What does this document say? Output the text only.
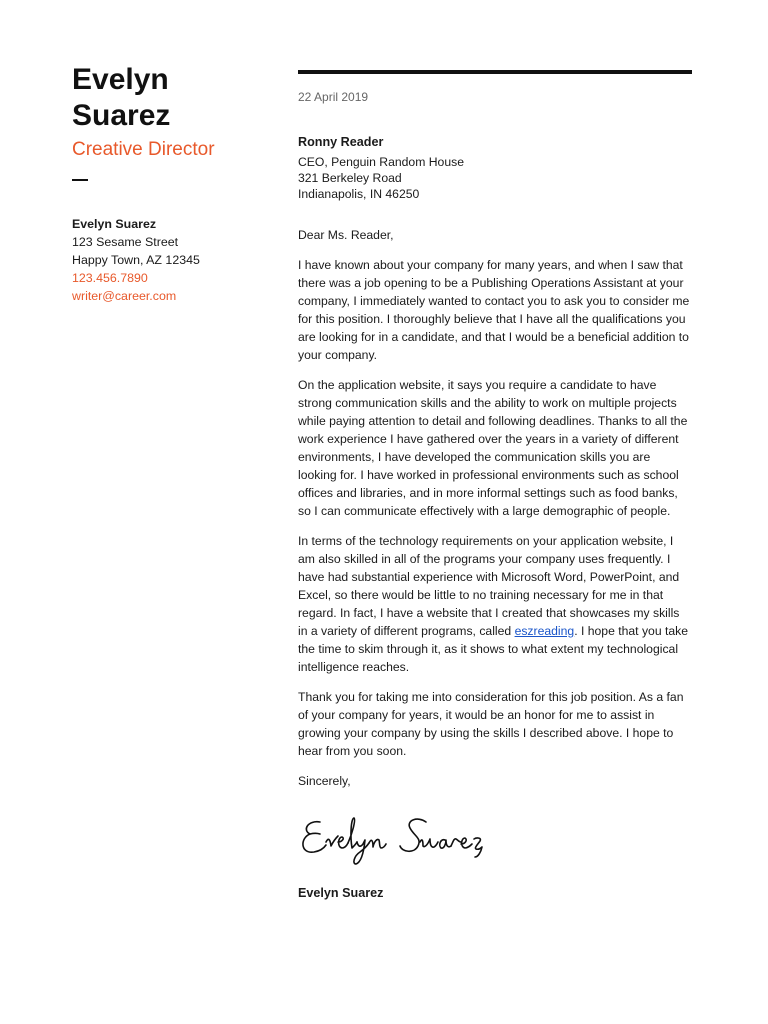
Evelyn
Suarez
Creative Director
Evelyn Suarez
123 Sesame Street
Happy Town, AZ 12345
123.456.7890
writer@career.com
22 April 2019
Ronny Reader
CEO, Penguin Random House
321 Berkeley Road
Indianapolis, IN 46250
Dear Ms. Reader,
I have known about your company for many years, and when I saw that there was a job opening to be a Publishing Operations Assistant at your company, I immediately wanted to contact you to ask you to consider me for this position. I thoroughly believe that I have all the qualifications you are looking for in a candidate, and that I would be a beneficial addition to your company.
On the application website, it says you require a candidate to have strong communication skills and the ability to work on multiple projects while paying attention to detail and following deadlines. Thanks to all the work experience I have gathered over the years in a variety of different environments, I have developed the communication skills you are looking for. I have worked in professional environments such as school offices and libraries, and in more informal settings such as food banks, so I can communicate effectively with a large demographic of people.
In terms of the technology requirements on your application website, I am also skilled in all of the programs your company uses frequently. I have had substantial experience with Microsoft Word, PowerPoint, and Excel, so there would be little to no training necessary for me in that regard. In fact, I have a website that I created that showcases my skills in a variety of different programs, called eszreading. I hope that you take the time to skim through it, as it shows to what extent my technological intelligence reaches.
Thank you for taking me into consideration for this job position. As a fan of your company for years, it would be an honor for me to assist in growing your company by using the skills I described above. I hope to hear from you soon.
Sincerely,
Evelyn Suarez
